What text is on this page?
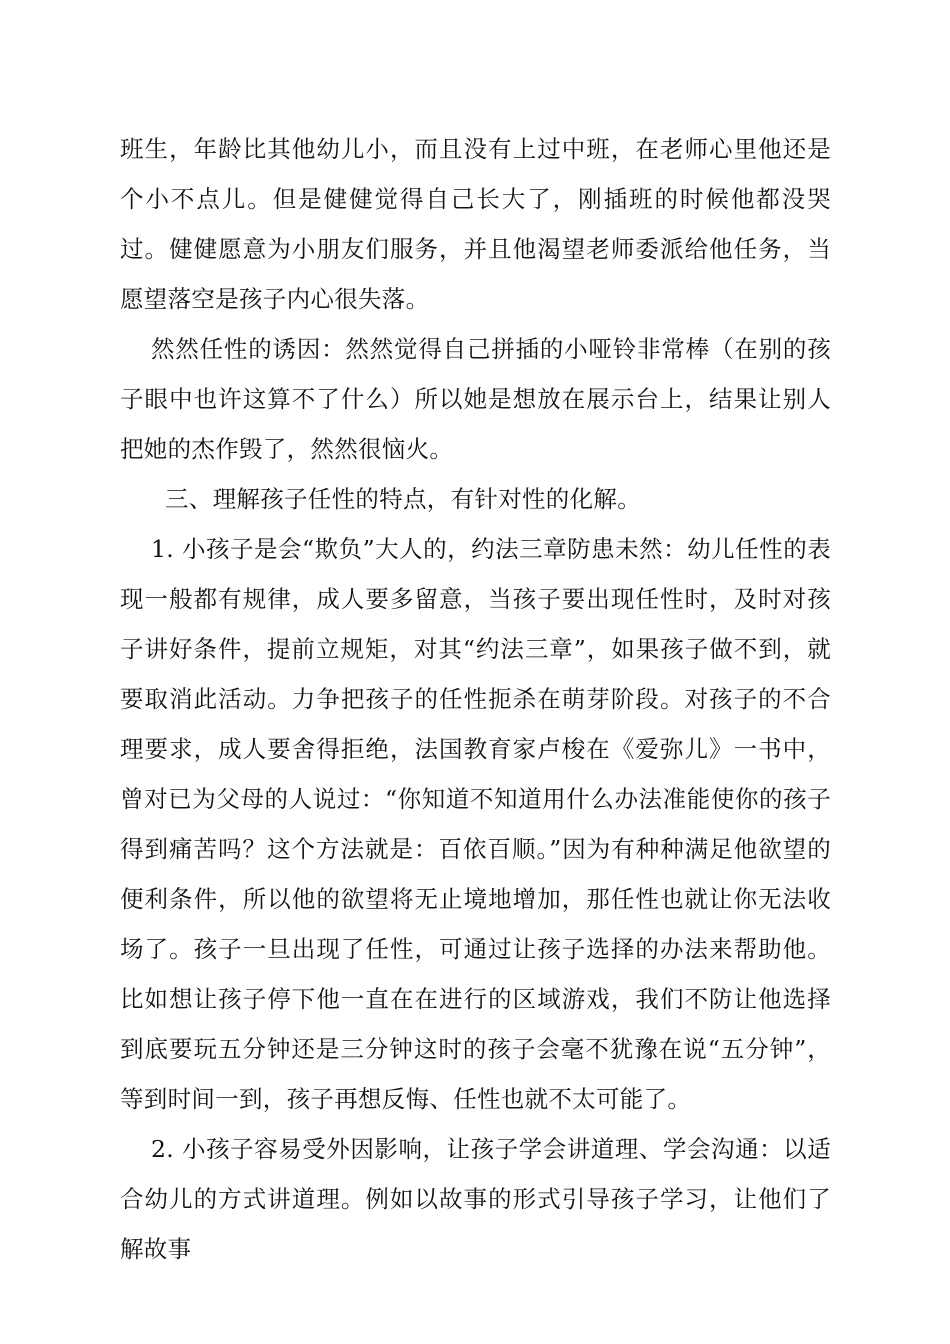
班生，年龄比其他幼儿小，而且没有上过中班，在老师心里他还是个小不点儿。但是健健觉得自己长大了，刚插班的时候他都没哭过。健健愿意为小朋友们服务，并且他渴望老师委派给他任务，当愿望落空是孩子内心很失落。

然然任性的诱因：然然觉得自己拼插的小哑铃非常棒（在别的孩子眼中也许这算不了什么）所以她是想放在展示台上，结果让别人把她的杰作毁了，然然很恼火。

三、理解孩子任性的特点，有针对性的化解。

1. 小孩子是会“欺负”大人的，约法三章防患未然：幼儿任性的表现一般都有规律，成人要多留意，当孩子要出现任性时，及时对孩子讲好条件，提前立规矩，对其“约法三章”，如果孩子做不到，就要取消此活动。力争把孩子的任性扼杀在萌芽阶段。对孩子的不合理要求，成人要舍得拒绝，法国教育家卢梭在《爱弥儿》一书中，曾对已为父母的人说过：“你知道不知道用什么办法准能使你的孩子得到痛苦吗？这个方法就是：百依百顺。”因为有种种满足他欲望的便利条件，所以他的欲望将无止境地增加，那任性也就让你无法收场了。孩子一旦出现了任性，可通过让孩子选择的办法来帮助他。比如想让孩子停下他一直在在进行的区域游戏，我们不防让他选择到底要玩五分钟还是三分钟这时的孩子会毫不犹豫在说“五分钟”，等到时间一到，孩子再想反悔、任性也就不太可能了。

2. 小孩子容易受外因影响，让孩子学会讲道理、学会沟通：以适合幼儿的方式讲道理。例如以故事的形式引导孩子学习，让他们了解故事
